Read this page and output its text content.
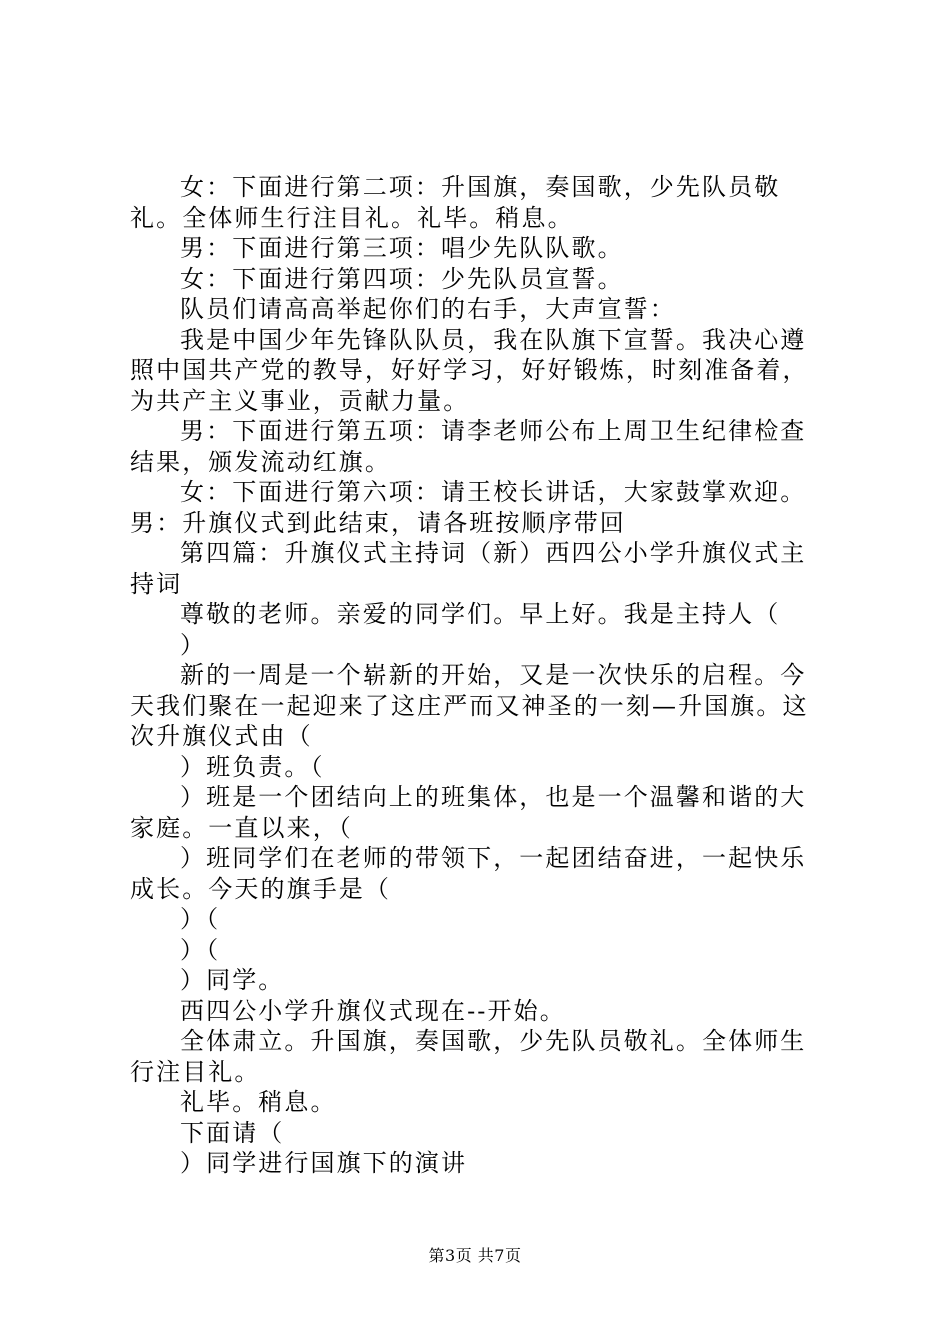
女：下面进行第二项：升国旗，奏国歌，少先队员敬礼。全体师生行注目礼。礼毕。稍息。

男：下面进行第三项：唱少先队队歌。

女：下面进行第四项：少先队员宣誓。

队员们请高高举起你们的右手，大声宣誓：

我是中国少年先锋队队员，我在队旗下宣誓。我决心遵照中国共产党的教导，好好学习，好好锻炼，时刻准备着，为共产主义事业，贡献力量。

男：下面进行第五项：请李老师公布上周卫生纪律检查结果，颁发流动红旗。

女：下面进行第六项：请王校长讲话，大家鼓掌欢迎。男：升旗仪式到此结束，请各班按顺序带回

第四篇：升旗仪式主持词（新）西四公小学升旗仪式主持词

尊敬的老师。亲爱的同学们。早上好。我是主持人（

）

新的一周是一个崭新的开始，又是一次快乐的启程。今天我们聚在一起迎来了这庄严而又神圣的一刻—升国旗。这次升旗仪式由（

）班负责。（

）班是一个团结向上的班集体，也是一个温馨和谐的大家庭。一直以来，（

）班同学们在老师的带领下，一起团结奋进，一起快乐成长。今天的旗手是（

）（

）（

）同学。

西四公小学升旗仪式现在--开始。

全体肃立。升国旗，奏国歌，少先队员敬礼。全体师生行注目礼。

礼毕。稍息。

下面请（

）同学进行国旗下的演讲

第3页 共7页
